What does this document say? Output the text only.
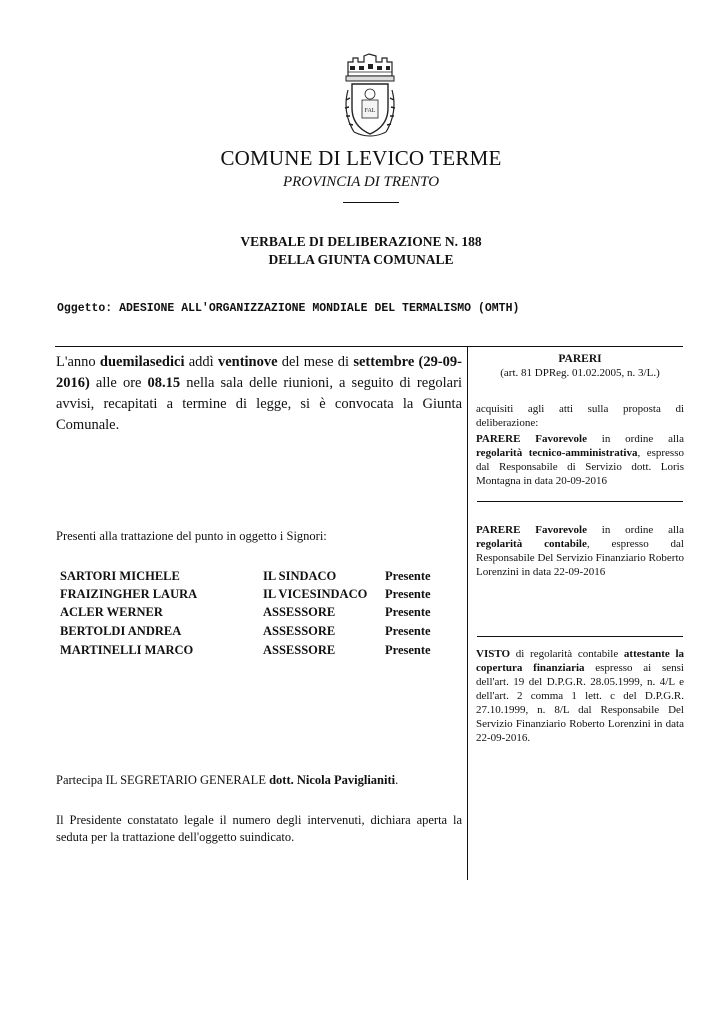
FAL
COMUNE DI LEVICO TERME
PROVINCIA DI TRENTO
VERBALE DI DELIBERAZIONE N. 188
DELLA GIUNTA COMUNALE
Oggetto: ADESIONE ALL'ORGANIZZAZIONE MONDIALE DEL TERMALISMO (OMTH)
L'anno duemilasedici addì ventinove del mese di settembre (29-09-2016) alle ore 08.15 nella sala delle riunioni, a seguito di regolari avvisi, recapitati a termine di legge, si è convocata la Giunta Comunale.
Presenti alla trattazione del punto in oggetto i Signori:
SARTORI MICHELE	IL SINDACO	Presente
FRAIZINGHER LAURA	IL VICESINDACO Presente
ACLER WERNER	ASSESSORE	Presente
BERTOLDI ANDREA	ASSESSORE	Presente
MARTINELLI MARCO	ASSESSORE	Presente
Partecipa IL SEGRETARIO GENERALE dott. Nicola Paviglianiti.
Il Presidente constatato legale il numero degli intervenuti, dichiara aperta la seduta per la trattazione dell'oggetto suindicato.
PARERI
(art. 81 DPReg. 01.02.2005, n. 3/L.)
acquisiti agli atti sulla proposta di deliberazione:
PARERE Favorevole in ordine alla regolarità tecnico-amministrativa, espresso dal Responsabile di Servizio dott. Loris Montagna in data 20-09-2016
PARERE Favorevole in ordine alla regolarità contabile, espresso dal Responsabile Del Servizio Finanziario Roberto Lorenzini in data 22-09-2016
VISTO di regolarità contabile attestante la copertura finanziaria espresso ai sensi dell'art. 19 del D.P.G.R. 28.05.1999, n. 4/L e dell'art. 2 comma 1 lett. c del D.P.G.R. 27.10.1999, n. 8/L dal Responsabile Del Servizio Finanziario Roberto Lorenzini in data 22-09-2016.
